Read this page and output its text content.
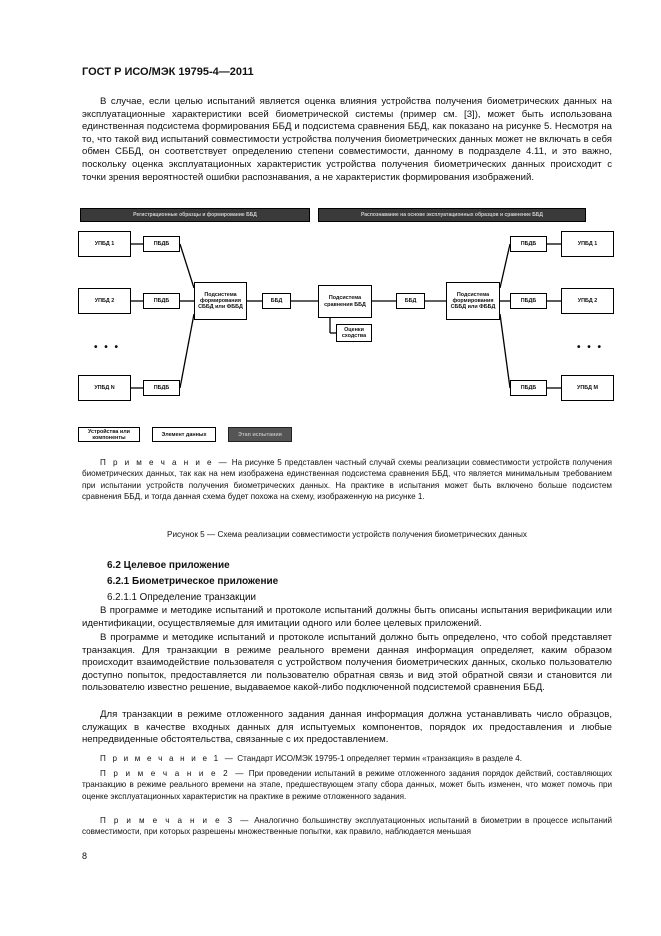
ГОСТ Р ИСО/МЭК 19795-4—2011

В случае, если целью испытаний является оценка влияния устройства получения биометрических данных на эксплуатационные характеристики всей биометрической системы (пример см. [3]), может быть использована единственная подсистема формирования ББД и подсистема сравнения ББД, как показано на рисунке 5. Несмотря на то, что такой вид испытаний совместимости устройства получения биометрических данных может не включать в себя обмен СББД, он соответствует определению степени совместимости, данному в подразделе 4.11, и это важно, поскольку оценка эксплуатационных характеристик устройства получения биометрических данных происходит с точки зрения вероятностей ошибки распознавания, а не характеристик формирования изображений.

Регистрационные образцы и формирование ББД	Распознавание на основе эксплуатационных образцов и сравнение ББД
УПБД 1
УПБД 2
УПБД N
• • •
ПБДБ
ПБДБ
ПБДБ
Подсистема формирования СББД или ФББД
ББД	Подсистема сравнения ББД
Оценки сходства
ББД
Подсистема формирования СББД или ФББД
ПБДБ
ПБДБ
ПБДБ
УПБД 1
УПБД 2
УПБД M
• • •
Устройства или компоненты	Элемент данных	Этап испытания

П р и м е ч а н и е — На рисунке 5 представлен частный случай схемы реализации совместимости устройств получения биометрических данных, так как на нем изображена единственная подсистема сравнения ББД, что является минимальным требованием при испытании устройств получения биометрических данных. На практике в испытания может быть включено больше подсистем сравнения ББД, и тогда данная схема будет похожа на схему, изображенную на рисунке 1.

Рисунок 5 — Схема реализации совместимости устройств получения биометрических данных
6.2 Целевое приложение
6.2.1 Биометрическое приложение
6.2.1.1 Определение транзакции

В программе и методике испытаний и протоколе испытаний должны быть описаны испытания верификации или идентификации, осуществляемые для имитации одного или более целевых приложений.

В программе и методике испытаний и протоколе испытаний должно быть определено, что собой представляет транзакция. Для транзакции в режиме реального времени данная информация определяет, каким образом происходит взаимодействие пользователя с устройством получения биометрических данных, сколько пользователю доступно попыток, предоставляется ли пользователю обратная связь и вид этой обратной связи и становится ли пользователю известно решение, выдаваемое какой-либо подключенной подсистемой сравнения ББД.

Для транзакции в режиме отложенного задания данная информация должна устанавливать число образцов, служащих в качестве входных данных для испытуемых компонентов, порядок их предоставления и любые непредвиденные обстоятельства, связанные с их предоставлением.

П р и м е ч а н и е 1 — Стандарт ИСО/МЭК 19795-1 определяет термин «транзакция» в разделе 4.

П р и м е ч а н и е 2 — При проведении испытаний в режиме отложенного задания порядок действий, составляющих транзакцию в режиме реального времени на этапе, предшествующем этапу сбора данных, может быть изменен, что может помочь при оценке эксплуатационных характеристик на практике в режиме отложенного задания.

П р и м е ч а н и е 3 — Аналогично большинству эксплуатационных испытаний в биометрии в процессе испытаний совместимости, при которых разрешены множественные попытки, как правило, наблюдается меньшая

8
